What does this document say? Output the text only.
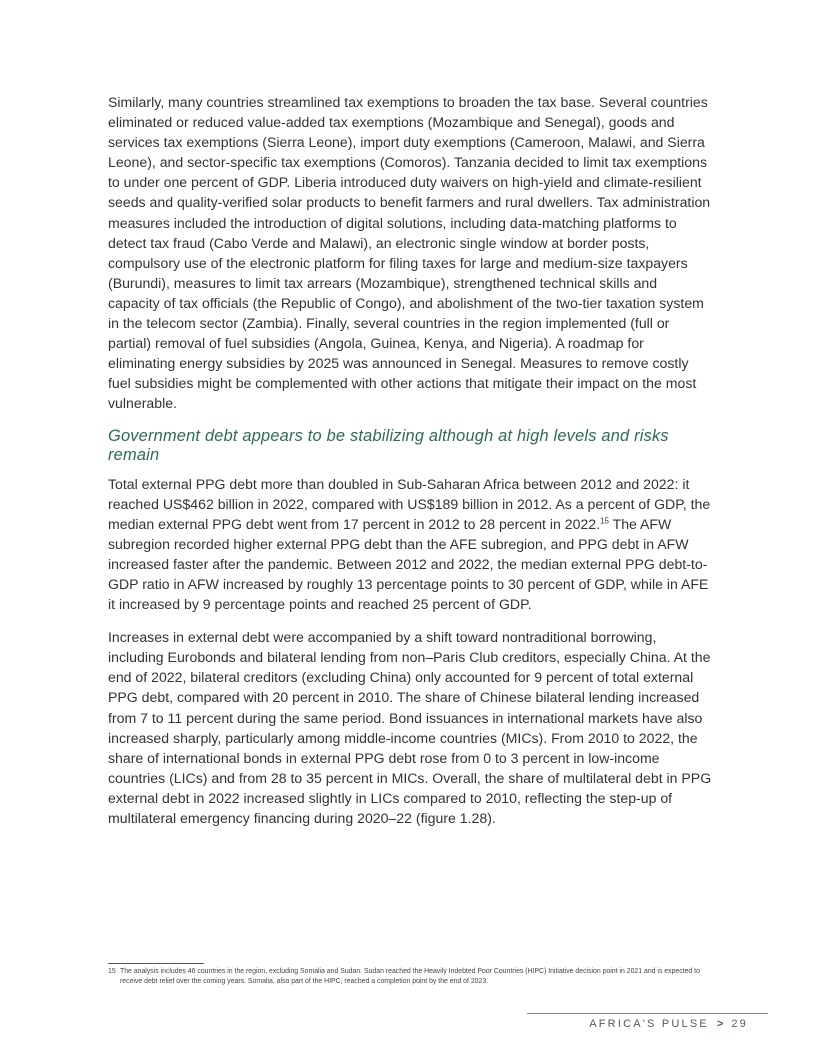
Similarly, many countries streamlined tax exemptions to broaden the tax base. Several countries eliminated or reduced value-added tax exemptions (Mozambique and Senegal), goods and services tax exemptions (Sierra Leone), import duty exemptions (Cameroon, Malawi, and Sierra Leone), and sector-specific tax exemptions (Comoros). Tanzania decided to limit tax exemptions to under one percent of GDP. Liberia introduced duty waivers on high-yield and climate-resilient seeds and quality-verified solar products to benefit farmers and rural dwellers. Tax administration measures included the introduction of digital solutions, including data-matching platforms to detect tax fraud (Cabo Verde and Malawi), an electronic single window at border posts, compulsory use of the electronic platform for filing taxes for large and medium-size taxpayers (Burundi), measures to limit tax arrears (Mozambique), strengthened technical skills and capacity of tax officials (the Republic of Congo), and abolishment of the two-tier taxation system in the telecom sector (Zambia). Finally, several countries in the region implemented (full or partial) removal of fuel subsidies (Angola, Guinea, Kenya, and Nigeria). A roadmap for eliminating energy subsidies by 2025 was announced in Senegal. Measures to remove costly fuel subsidies might be complemented with other actions that mitigate their impact on the most vulnerable.

Government debt appears to be stabilizing although at high levels and risks remain

Total external PPG debt more than doubled in Sub-Saharan Africa between 2012 and 2022: it reached US$462 billion in 2022, compared with US$189 billion in 2012. As a percent of GDP, the median external PPG debt went from 17 percent in 2012 to 28 percent in 2022.15 The AFW subregion recorded higher external PPG debt than the AFE subregion, and PPG debt in AFW increased faster after the pandemic. Between 2012 and 2022, the median external PPG debt-to-GDP ratio in AFW increased by roughly 13 percentage points to 30 percent of GDP, while in AFE it increased by 9 percentage points and reached 25 percent of GDP.

Increases in external debt were accompanied by a shift toward nontraditional borrowing, including Eurobonds and bilateral lending from non–Paris Club creditors, especially China. At the end of 2022, bilateral creditors (excluding China) only accounted for 9 percent of total external PPG debt, compared with 20 percent in 2010. The share of Chinese bilateral lending increased from 7 to 11 percent during the same period. Bond issuances in international markets have also increased sharply, particularly among middle-income countries (MICs). From 2010 to 2022, the share of international bonds in external PPG debt rose from 0 to 3 percent in low-income countries (LICs) and from 28 to 35 percent in MICs. Overall, the share of multilateral debt in PPG external debt in 2022 increased slightly in LICs compared to 2010, reflecting the step-up of multilateral emergency financing during 2020–22 (figure 1.28).

15 The analysis includes 46 countries in the region, excluding Somalia and Sudan. Sudan reached the Heavily Indebted Poor Countries (HIPC) Initiative decision point in 2021 and is expected to receive debt relief over the coming years. Somalia, also part of the HIPC, reached a completion point by the end of 2023.
AFRICA'S PULSE > 29
